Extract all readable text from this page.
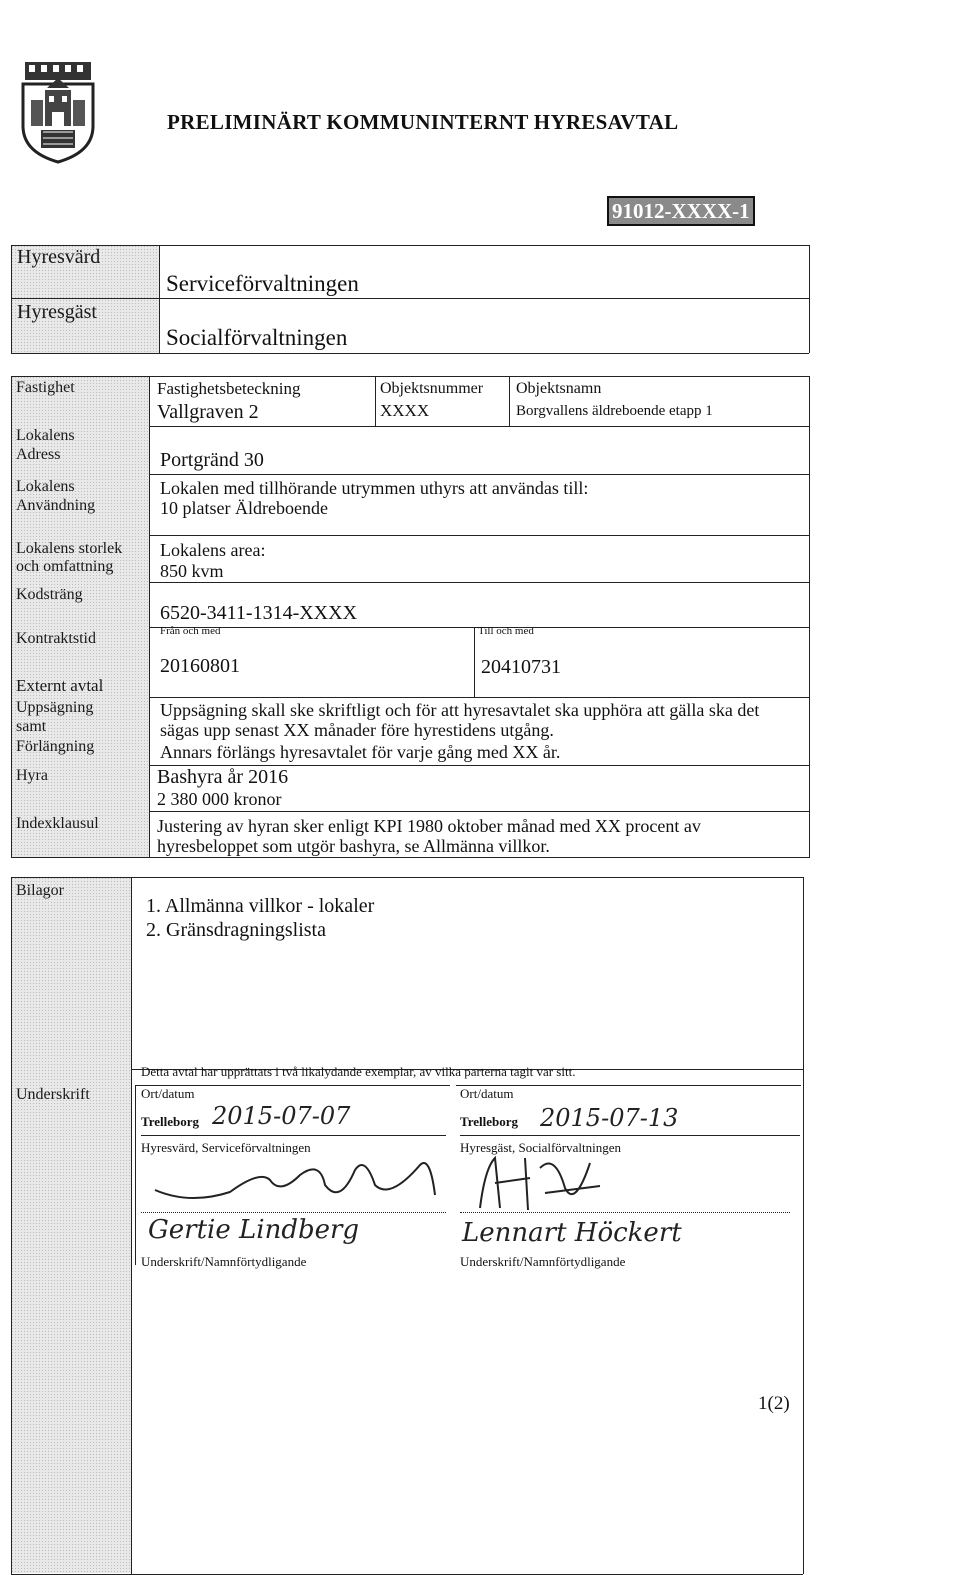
PRELIMINÄRT KOMMUNINTERNT HYRESAVTAL
91012-XXXX-1
Hyresvärd
Hyresgäst
Serviceförvaltningen
Socialförvaltningen
Fastighet
Lokalens
Adress
Lokalens
Användning
Lokalens storlek
och omfattning
Kodsträng
Kontraktstid
Externt avtal
Uppsägning
samt
Förlängning
Hyra
Indexklausul
Fastighetsbeteckning
Vallgraven 2
Objektsnummer
XXXX
Objektsnamn
Borgvallens äldreboende etapp 1
Portgränd 30
Lokalen med tillhörande utrymmen uthyrs att användas till:
10 platser Äldreboende
Lokalens area:
850 kvm
6520-3411-1314-XXXX
Från och med
20160801
Till och med
20410731
Uppsägning skall ske skriftligt och för att hyresavtalet ska upphöra att gälla ska det
sägas upp senast XX månader före hyrestidens utgång.
Annars förlängs hyresavtalet för varje gång med XX år.
Bashyra år 2016
2 380 000 kronor
Justering av hyran sker enligt KPI 1980 oktober månad med XX procent av
hyresbeloppet som utgör bashyra, se Allmänna villkor.
Bilagor
1. Allmänna villkor - lokaler
2. Gränsdragningslista
Underskrift
Detta avtal har upprättats i två likalydande exemplar, av vilka parterna tagit var sitt.
Ort/datum
Trelleborg 2015-07-07
Hyresvärd, Serviceförvaltningen
Gertie Lindberg
Underskrift/Namnförtydligande
Ort/datum
Trelleborg 2015-07-13
Hyresgäst, Socialförvaltningen
Lennart Höckert
Underskrift/Namnförtydligande
1(2)
